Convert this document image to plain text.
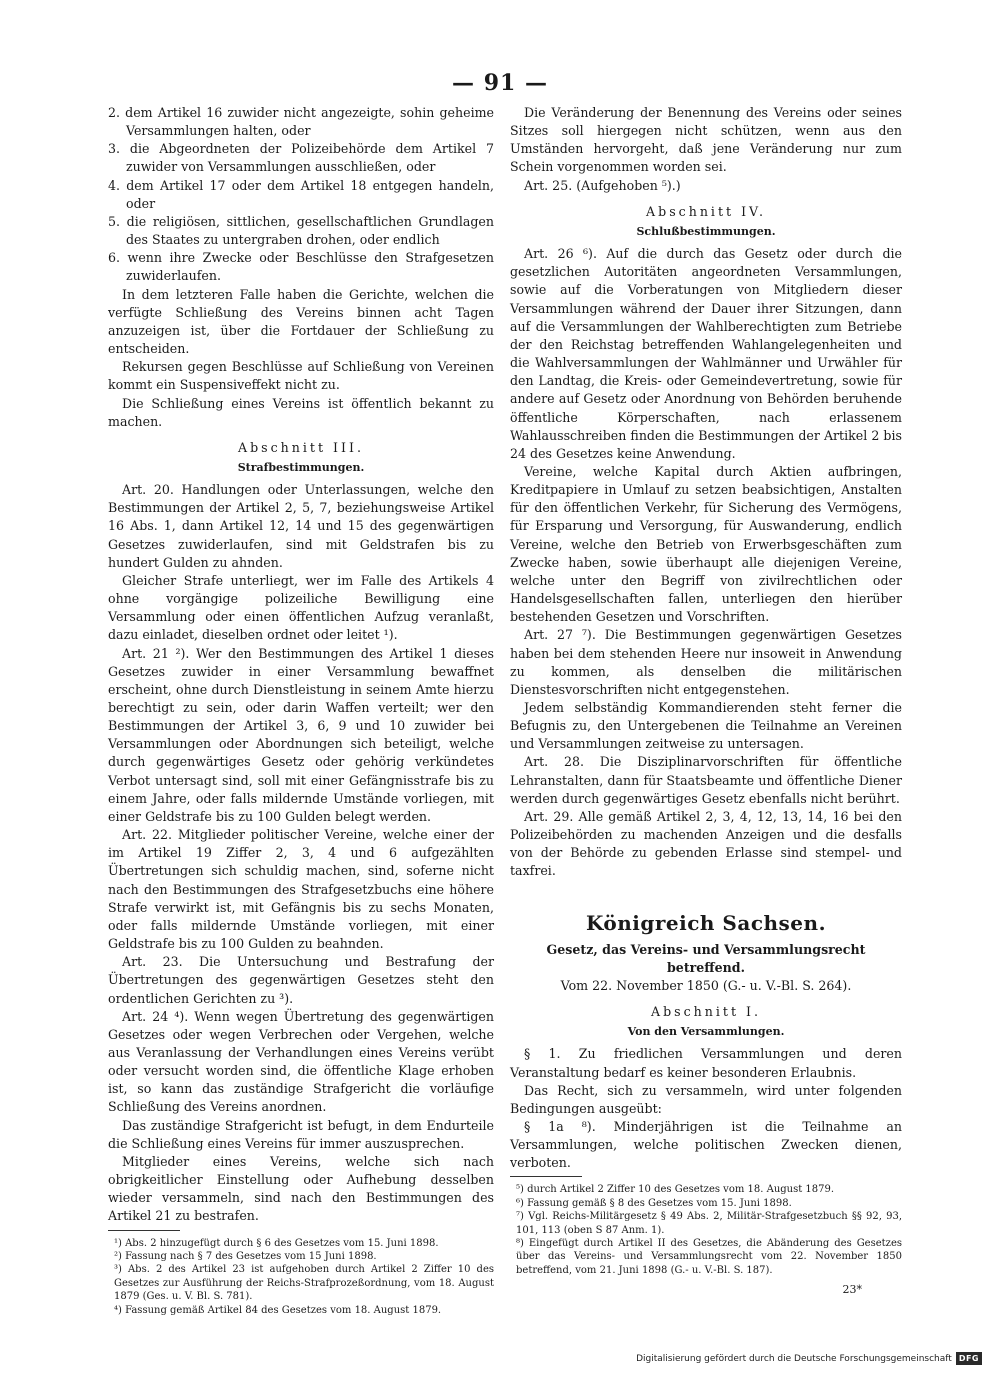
— 91 —

2. dem Artikel 16 zuwider nicht angezeigte, sohin geheime Versammlungen halten, oder

3. die Abgeordneten der Polizeibehörde dem Artikel 7 zuwider von Versammlungen ausschließen, oder

4. dem Artikel 17 oder dem Artikel 18 entgegen handeln, oder

5. die religiösen, sittlichen, gesellschaftlichen Grundlagen des Staates zu untergraben drohen, oder endlich

6. wenn ihre Zwecke oder Beschlüsse den Strafgesetzen zuwiderlaufen.

In dem letzteren Falle haben die Gerichte, welchen die verfügte Schließung des Vereins binnen acht Tagen anzuzeigen ist, über die Fortdauer der Schließung zu entscheiden.

Rekursen gegen Beschlüsse auf Schließung von Vereinen kommt ein Suspensiveffekt nicht zu.

Die Schließung eines Vereins ist öffentlich bekannt zu machen.

Abschnitt III.
Strafbestimmungen.

Art. 20. Handlungen oder Unterlassungen, welche den Bestimmungen der Artikel 2, 5, 7, beziehungsweise Artikel 16 Abs. 1, dann Artikel 12, 14 und 15 des gegenwärtigen Gesetzes zuwiderlaufen, sind mit Geldstrafen bis zu hundert Gulden zu ahnden.

Gleicher Strafe unterliegt, wer im Falle des Artikels 4 ohne vorgängige polizeiliche Bewilligung eine Versammlung oder einen öffentlichen Aufzug veranlaßt, dazu einladet, dieselben ordnet oder leitet ¹).

Art. 21 ²). Wer den Bestimmungen des Artikel 1 dieses Gesetzes zuwider in einer Versammlung bewaffnet erscheint, ohne durch Dienstleistung in seinem Amte hierzu berechtigt zu sein, oder darin Waffen verteilt; wer den Bestimmungen der Artikel 3, 6, 9 und 10 zuwider bei Versammlungen oder Abordnungen sich beteiligt, welche durch gegenwärtiges Gesetz oder gehörig verkündetes Verbot untersagt sind, soll mit einer Gefängnisstrafe bis zu einem Jahre, oder falls mildernde Umstände vorliegen, mit einer Geldstrafe bis zu 100 Gulden belegt werden.

Art. 22. Mitglieder politischer Vereine, welche einer der im Artikel 19 Ziffer 2, 3, 4 und 6 aufgezählten Übertretungen sich schuldig machen, sind, soferne nicht nach den Bestimmungen des Strafgesetzbuchs eine höhere Strafe verwirkt ist, mit Gefängnis bis zu sechs Monaten, oder falls mildernde Umstände vorliegen, mit einer Geldstrafe bis zu 100 Gulden zu beahnden.

Art. 23. Die Untersuchung und Bestrafung der Übertretungen des gegenwärtigen Gesetzes steht den ordentlichen Gerichten zu ³).

Art. 24 ⁴). Wenn wegen Übertretung des gegenwärtigen Gesetzes oder wegen Verbrechen oder Vergehen, welche aus Veranlassung der Verhandlungen eines Vereins verübt oder versucht worden sind, die öffentliche Klage erhoben ist, so kann das zuständige Strafgericht die vorläufige Schließung des Vereins anordnen.

Das zuständige Strafgericht ist befugt, in dem Endurteile die Schließung eines Vereins für immer auszusprechen.

Mitglieder eines Vereins, welche sich nach obrigkeitlicher Einstellung oder Aufhebung desselben wieder versammeln, sind nach den Bestimmungen des Artikel 21 zu bestrafen.

¹) Abs. 2 hinzugefügt durch § 6 des Gesetzes vom 15. Juni 1898.

²) Fassung nach § 7 des Gesetzes vom 15 Juni 1898.

³) Abs. 2 des Artikel 23 ist aufgehoben durch Artikel 2 Ziffer 10 des Gesetzes zur Ausführung der Reichs-Strafprozeßordnung, vom 18. August 1879 (Ges. u. V. Bl. S. 781).

⁴) Fassung gemäß Artikel 84 des Gesetzes vom 18. August 1879.

Die Veränderung der Benennung des Vereins oder seines Sitzes soll hiergegen nicht schützen, wenn aus den Umständen hervorgeht, daß jene Veränderung nur zum Schein vorgenommen worden sei.

Art. 25. (Aufgehoben ⁵).)

Abschnitt IV.
Schlußbestimmungen.

Art. 26 ⁶). Auf die durch das Gesetz oder durch die gesetzlichen Autoritäten angeordneten Versammlungen, sowie auf die Vorberatungen von Mitgliedern dieser Versammlungen während der Dauer ihrer Sitzungen, dann auf die Versammlungen der Wahlberechtigten zum Betriebe der den Reichstag betreffenden Wahlangelegenheiten und die Wahlversammlungen der Wahlmänner und Urwähler für den Landtag, die Kreis- oder Gemeindevertretung, sowie für andere auf Gesetz oder Anordnung von Behörden beruhende öffentliche Körperschaften, nach erlassenem Wahlausschreiben finden die Bestimmungen der Artikel 2 bis 24 des Gesetzes keine Anwendung.

Vereine, welche Kapital durch Aktien aufbringen, Kreditpapiere in Umlauf zu setzen beabsichtigen, Anstalten für den öffentlichen Verkehr, für Sicherung des Vermögens, für Ersparung und Versorgung, für Auswanderung, endlich Vereine, welche den Betrieb von Erwerbsgeschäften zum Zwecke haben, sowie überhaupt alle diejenigen Vereine, welche unter den Begriff von zivilrechtlichen oder Handelsgesellschaften fallen, unterliegen den hierüber bestehenden Gesetzen und Vorschriften.

Art. 27 ⁷). Die Bestimmungen gegenwärtigen Gesetzes haben bei dem stehenden Heere nur insoweit in Anwendung zu kommen, als denselben die militärischen Dienstesvorschriften nicht entgegenstehen.

Jedem selbständig Kommandierenden steht ferner die Befugnis zu, den Untergebenen die Teilnahme an Vereinen und Versammlungen zeitweise zu untersagen.

Art. 28. Die Disziplinarvorschriften für öffentliche Lehranstalten, dann für Staatsbeamte und öffentliche Diener werden durch gegenwärtiges Gesetz ebenfalls nicht berührt.

Art. 29. Alle gemäß Artikel 2, 3, 4, 12, 13, 14, 16 bei den Polizeibehörden zu machenden Anzeigen und die desfalls von der Behörde zu gebenden Erlasse sind stempel- und taxfrei.

Königreich Sachsen.

Gesetz, das Vereins- und Versammlungsrecht betreffend.

Vom 22. November 1850 (G.- u. V.-Bl. S. 264).

Abschnitt I.
Von den Versammlungen.

§ 1. Zu friedlichen Versammlungen und deren Veranstaltung bedarf es keiner besonderen Erlaubnis.

Das Recht, sich zu versammeln, wird unter folgenden Bedingungen ausgeübt:

§ 1a ⁸). Minderjährigen ist die Teilnahme an Versammlungen, welche politischen Zwecken dienen, verboten.

⁵) durch Artikel 2 Ziffer 10 des Gesetzes vom 18. August 1879.

⁶) Fassung gemäß § 8 des Gesetzes vom 15. Juni 1898.

⁷) Vgl. Reichs-Militärgesetz § 49 Abs. 2, Militär-Strafgesetzbuch §§ 92, 93, 101, 113 (oben S 87 Anm. 1).

⁸) Eingefügt durch Artikel II des Gesetzes, die Abänderung des Gesetzes über das Vereins- und Versammlungsrecht vom 22. November 1850 betreffend, vom 21. Juni 1898 (G.- u. V.-Bl. S. 187).

23*
Digitalisierung gefördert durch die Deutsche Forschungsgemeinschaft DFG
